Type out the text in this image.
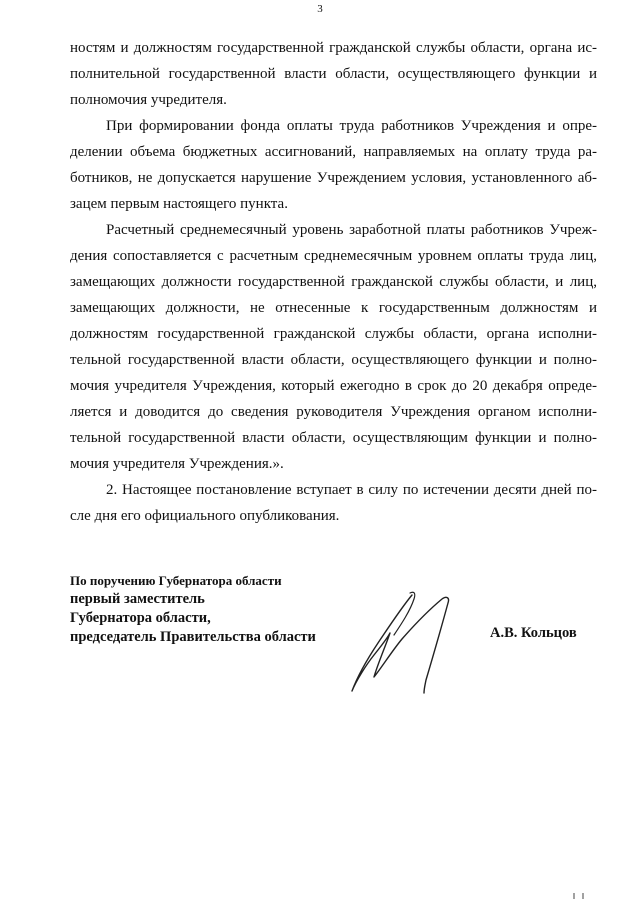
3
ностям и должностям государственной гражданской службы области, органа ис-
полнительной государственной власти области, осуществляющего функции и
полномочия учредителя.
При формировании фонда оплаты труда работников Учреждения и опре-
делении объема бюджетных ассигнований, направляемых на оплату труда ра-
ботников, не допускается нарушение Учреждением условия, установленного аб-
зацем первым настоящего пункта.
Расчетный среднемесячный уровень заработной платы работников Учреж-
дения сопоставляется с расчетным среднемесячным уровнем оплаты труда лиц,
замещающих должности государственной гражданской службы области, и лиц,
замещающих должности, не отнесенные к государственным должностям и
должностям государственной гражданской службы области, органа исполни-
тельной государственной власти области, осуществляющего функции и полно-
мочия учредителя Учреждения, который ежегодно в срок до 20 декабря опреде-
ляется и доводится до сведения руководителя Учреждения органом исполни-
тельной государственной власти области, осуществляющим функции и полно-
мочия учредителя Учреждения.».
2. Настоящее постановление вступает в силу по истечении десяти дней по-
сле дня его официального опубликования.
По поручению Губернатора области
первый заместитель
Губернатора области,
председатель Правительства области	А.В. Кольцов
